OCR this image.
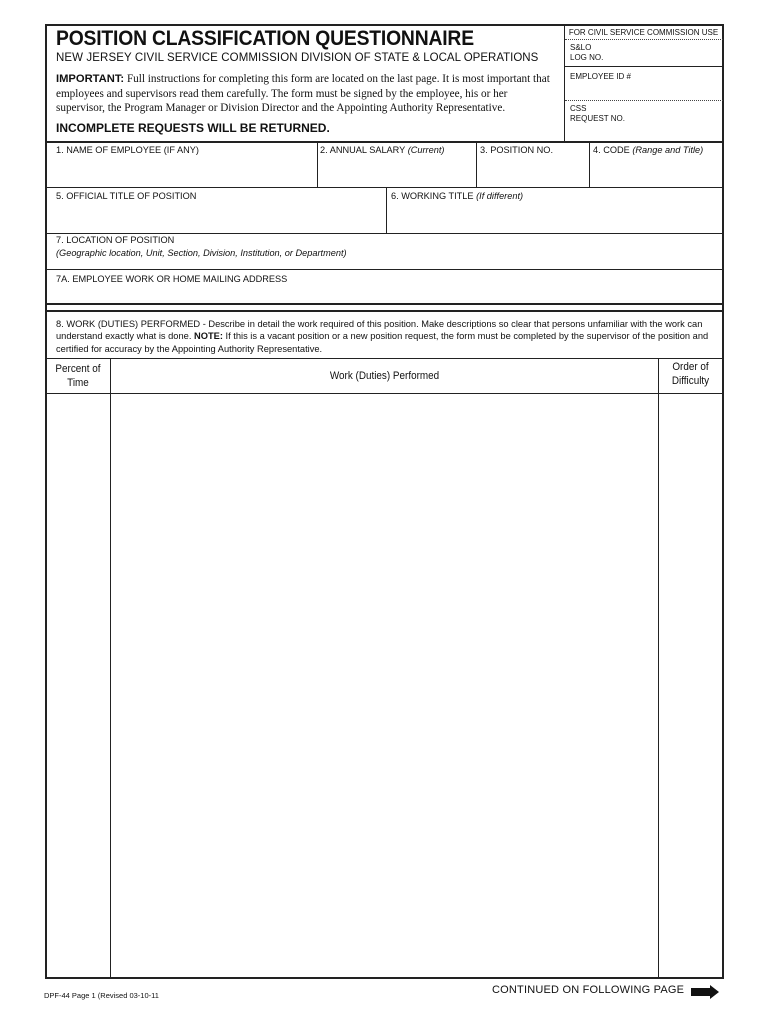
POSITION CLASSIFICATION QUESTIONNAIRE
NEW JERSEY CIVIL SERVICE COMMISSION DIVISION OF STATE & LOCAL OPERATIONS
IMPORTANT: Full instructions for completing this form are located on the last page. It is most important that employees and supervisors read them carefully. The form must be signed by the employee, his or her supervisor, the Program Manager or Division Director and the Appointing Authority Representative.
INCOMPLETE REQUESTS WILL BE RETURNED.
FOR CIVIL SERVICE COMMISSION USE
S&LO
LOG NO.
EMPLOYEE ID #
CSS
REQUEST NO.
1. NAME OF EMPLOYEE (IF ANY)	2. ANNUAL SALARY (Current)	3. POSITION NO.	4. CODE (Range and Title)
5. OFFICIAL TITLE OF POSITION	6. WORKING TITLE (If different)
7. LOCATION OF POSITION
(Geographic location, Unit, Section, Division, Institution, or Department)
7A. EMPLOYEE WORK OR HOME MAILING ADDRESS
8. WORK (DUTIES) PERFORMED - Describe in detail the work required of this position. Make descriptions so clear that persons unfamiliar with the work can understand exactly what is done. NOTE: If this is a vacant position or a new position request, the form must be completed by the supervisor of the position and certified for accuracy by the Appointing Authority Representative.
Percent of
Time
Work (Duties) Performed
Order of
Difficulty
DPF-44 Page 1 (Revised 03-10-11	CONTINUED ON FOLLOWING PAGE
